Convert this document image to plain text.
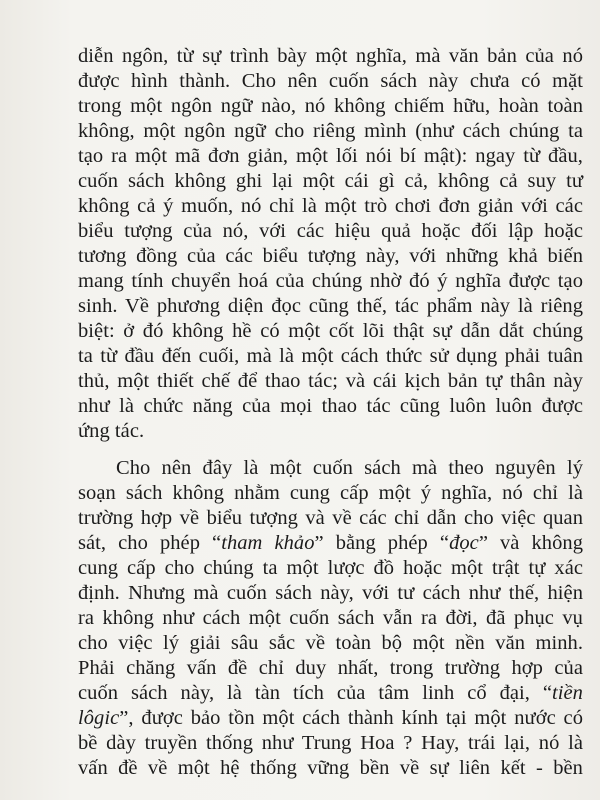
diễn ngôn, từ sự trình bày một nghĩa, mà văn bản của nó
được hình thành. Cho nên cuốn sách này chưa có mặt
trong một ngôn ngữ nào, nó không chiếm hữu, hoàn toàn
không, một ngôn ngữ cho riêng mình (như cách chúng ta
tạo ra một mã đơn giản, một lối nói bí mật): ngay từ đầu,
cuốn sách không ghi lại một cái gì cả, không cả suy tư
không cả ý muốn, nó chỉ là một trò chơi đơn giản với các
biểu tượng của nó, với các hiệu quả hoặc đối lập hoặc
tương đồng của các biểu tượng này, với những khả biến
mang tính chuyển hoá của chúng nhờ đó ý nghĩa được tạo
sinh. Về phương diện đọc cũng thế, tác phẩm này là riêng
biệt: ở đó không hề có một cốt lõi thật sự dẫn dắt chúng
ta từ đầu đến cuối, mà là một cách thức sử dụng phải tuân
thủ, một thiết chế để thao tác; và cái kịch bản tự thân này
như là chức năng của mọi thao tác cũng luôn luôn được
ứng tác.

Cho nên đây là một cuốn sách mà theo nguyên lý
soạn sách không nhằm cung cấp một ý nghĩa, nó chỉ là
trường hợp về biểu tượng và về các chỉ dẫn cho việc quan
sát, cho phép “tham khảo” bằng phép “đọc” và không
cung cấp cho chúng ta một lược đồ hoặc một trật tự xác
định. Nhưng mà cuốn sách này, với tư cách như thế, hiện
ra không như cách một cuốn sách vẫn ra đời, đã phục vụ
cho việc lý giải sâu sắc về toàn bộ một nền văn minh.
Phải chăng vấn đề chỉ duy nhất, trong trường hợp của
cuốn sách này, là tàn tích của tâm linh cổ đại, “tiền
lôgic”, được bảo tồn một cách thành kính tại một nước có
bề dày truyền thống như Trung Hoa ? Hay, trái lại, nó là
vấn đề về một hệ thống vững bền về sự liên kết - bền
